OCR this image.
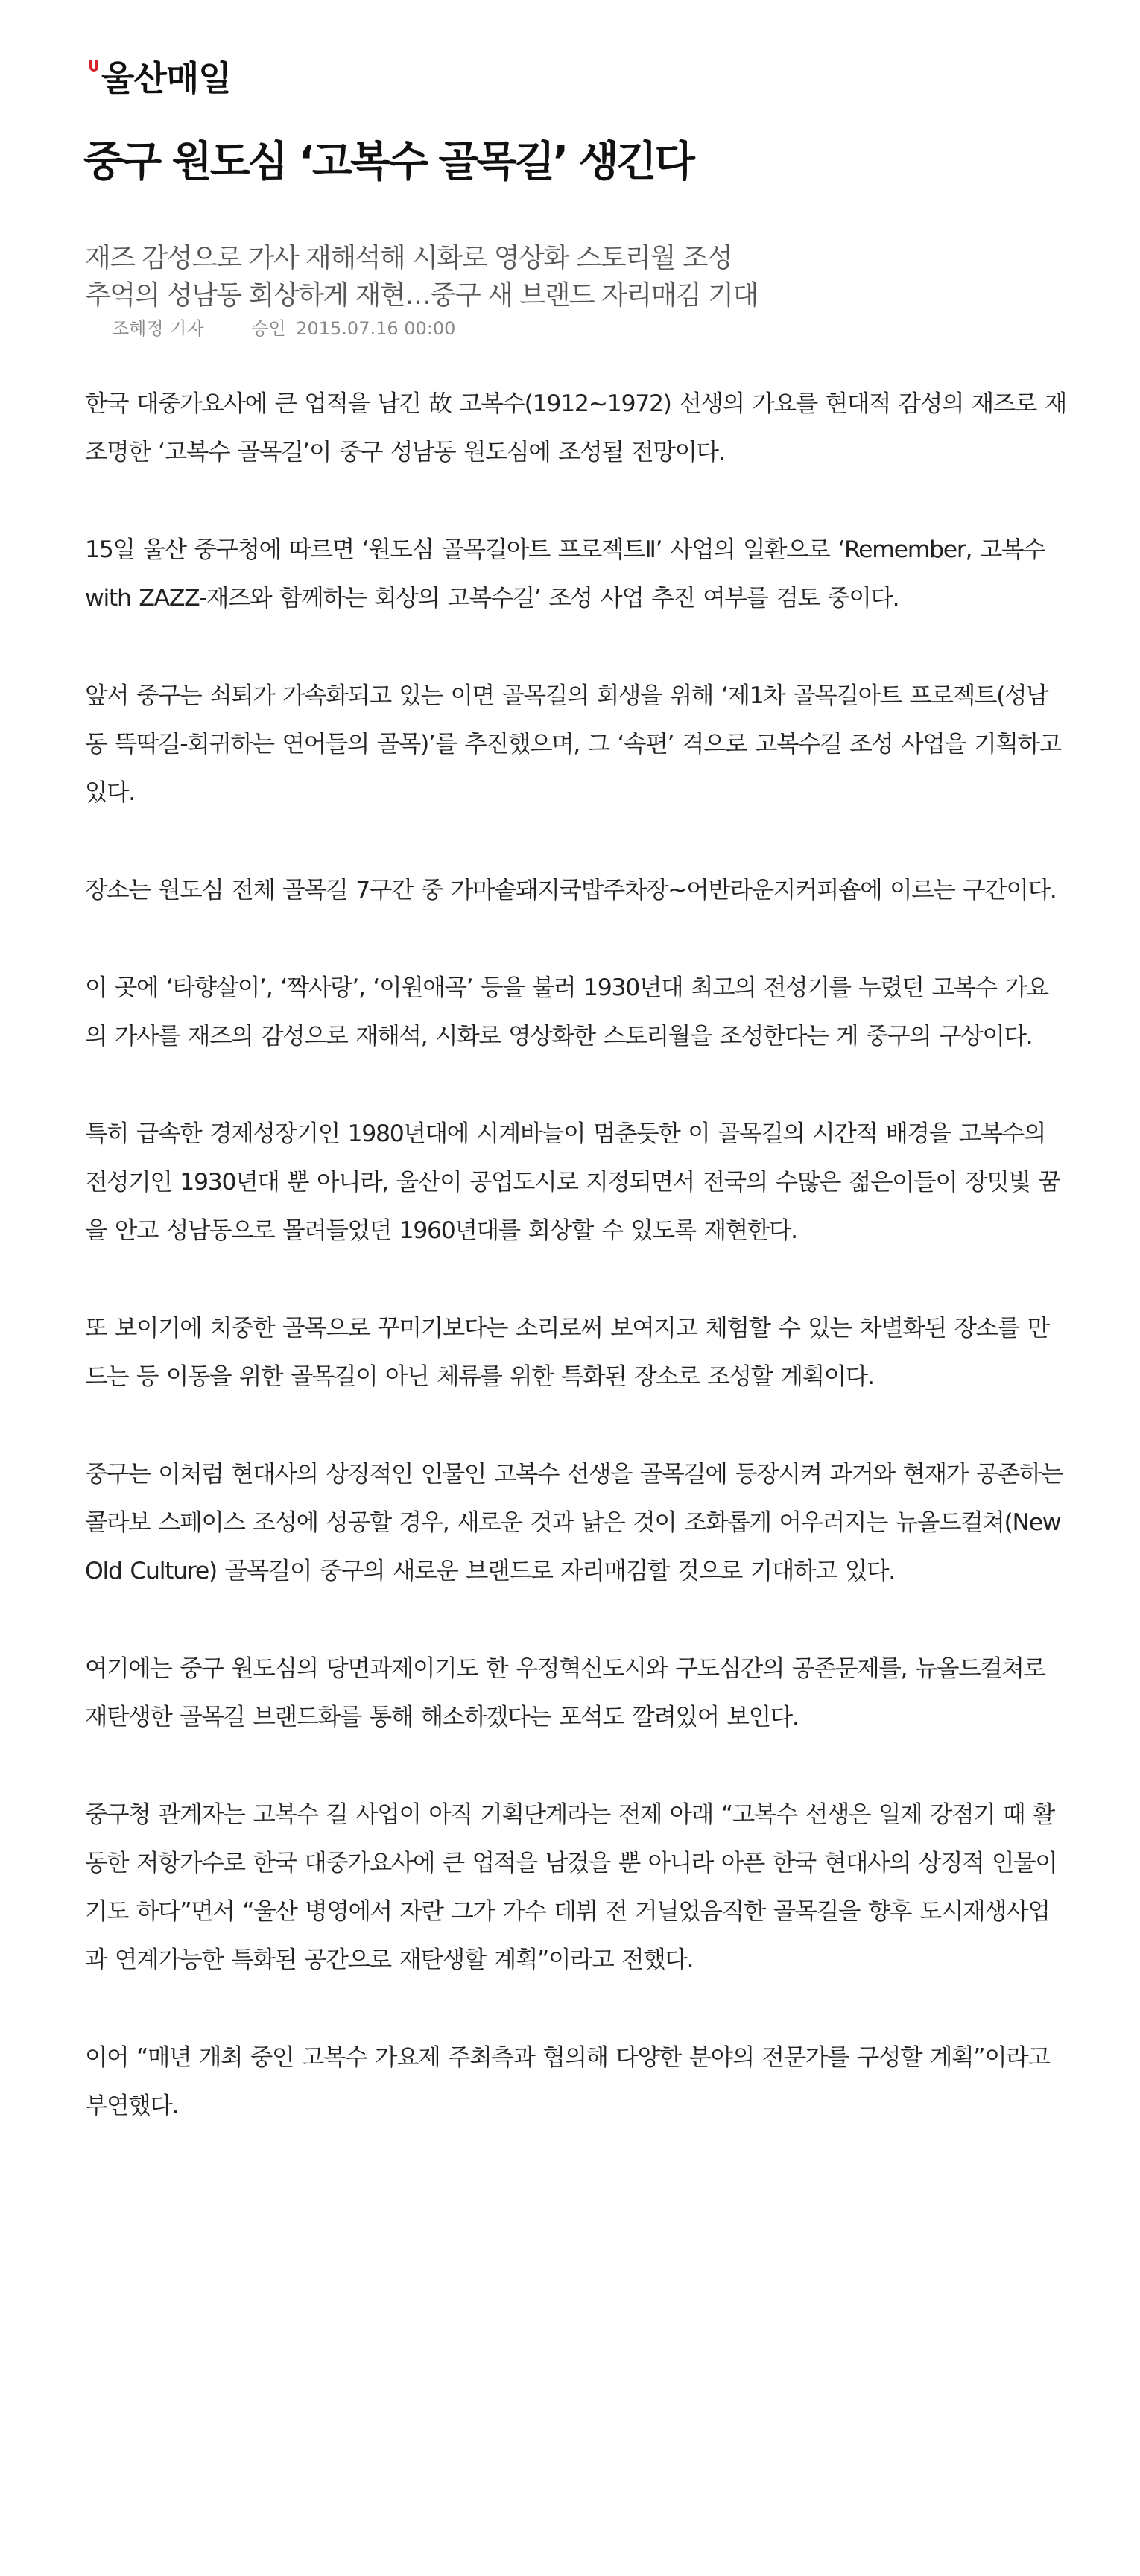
울산매일
중구 원도심 ‘고복수 골목길’ 생긴다
재즈 감성으로 가사 재해석해 시화로 영상화 스토리월 조성
추억의 성남동 회상하게 재현…중구 새 브랜드 자리매김 기대
조혜정 기자	승인 2015.07.16 00:00

한국 대중가요사에 큰 업적을 남긴 故 고복수(1912~1972) 선생의 가요를 현대적 감성의 재즈로 재조명한 ‘고복수 골목길’이 중구 성남동 원도심에 조성될 전망이다.

15일 울산 중구청에 따르면 ‘원도심 골목길아트 프로젝트Ⅱ’ 사업의 일환으로 ‘Remember, 고복수 with ZAZZ-재즈와 함께하는 회상의 고복수길’ 조성 사업 추진 여부를 검토 중이다.

앞서 중구는 쇠퇴가 가속화되고 있는 이면 골목길의 회생을 위해 ‘제1차 골목길아트 프로젝트(성남동 뜩딱길-회귀하는 연어들의 골목)’를 추진했으며, 그 ‘속편’ 격으로 고복수길 조성 사업을 기획하고 있다.

장소는 원도심 전체 골목길 7구간 중 가마솥돼지국밥주차장~어반라운지커피숍에 이르는 구간이다.

이 곳에 ‘타향살이’, ‘짝사랑’, ‘이원애곡’ 등을 불러 1930년대 최고의 전성기를 누렸던 고복수 가요의 가사를 재즈의 감성으로 재해석, 시화로 영상화한 스토리월을 조성한다는 게 중구의 구상이다.

특히 급속한 경제성장기인 1980년대에 시계바늘이 멈춘듯한 이 골목길의 시간적 배경을 고복수의 전성기인 1930년대 뿐 아니라, 울산이 공업도시로 지정되면서 전국의 수많은 젊은이들이 장밋빛 꿈을 안고 성남동으로 몰려들었던 1960년대를 회상할 수 있도록 재현한다.

또 보이기에 치중한 골목으로 꾸미기보다는 소리로써 보여지고 체험할 수 있는 차별화된 장소를 만드는 등 이동을 위한 골목길이 아닌 체류를 위한 특화된 장소로 조성할 계획이다.

중구는 이처럼 현대사의 상징적인 인물인 고복수 선생을 골목길에 등장시켜 과거와 현재가 공존하는 콜라보 스페이스 조성에 성공할 경우, 새로운 것과 낡은 것이 조화롭게 어우러지는 뉴올드컬쳐(New Old Culture) 골목길이 중구의 새로운 브랜드로 자리매김할 것으로 기대하고 있다.

여기에는 중구 원도심의 당면과제이기도 한 우정혁신도시와 구도심간의 공존문제를, 뉴올드컬쳐로 재탄생한 골목길 브랜드화를 통해 해소하겠다는 포석도 깔려있어 보인다.

중구청 관계자는 고복수 길 사업이 아직 기획단계라는 전제 아래 “고복수 선생은 일제 강점기 때 활동한 저항가수로 한국 대중가요사에 큰 업적을 남겼을 뿐 아니라 아픈 한국 현대사의 상징적 인물이기도 하다”면서 “울산 병영에서 자란 그가 가수 데뷔 전 거닐었음직한 골목길을 향후 도시재생사업과 연계가능한 특화된 공간으로 재탄생할 계획”이라고 전했다.

이어 “매년 개최 중인 고복수 가요제 주최측과 협의해 다양한 분야의 전문가를 구성할 계획”이라고 부연했다.
